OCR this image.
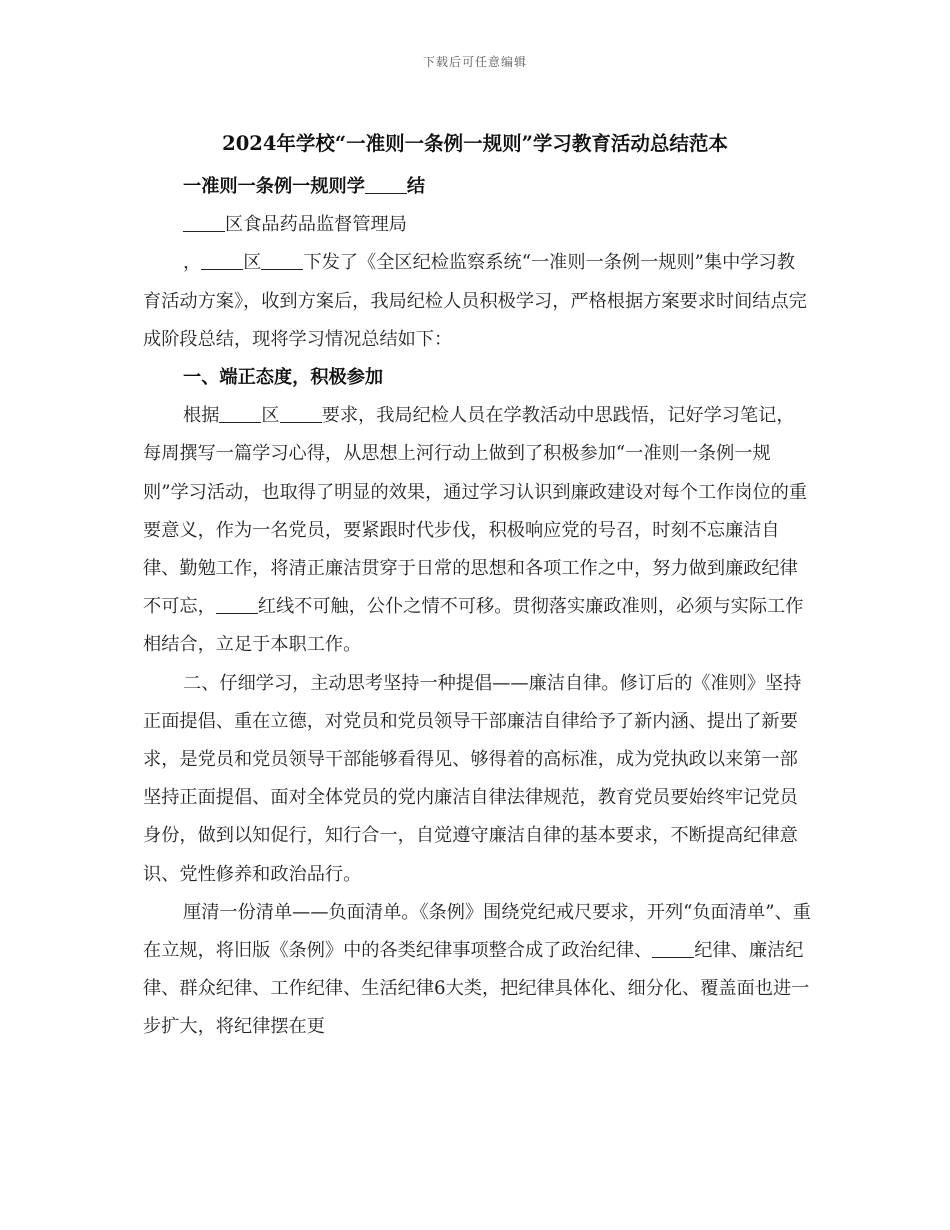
下载后可任意编辑
2024年学校“一准则一条例一规则”学习教育活动总结范本

一准则一条例一规则学 结

区食品药品监督管理局

， 区 下发了《全区纪检监察系统“一准则一条例一规则”集中学习教育活动方案》，收到方案后，我局纪检人员积极学习，严格根据方案要求时间结点完成阶段总结，现将学习情况总结如下：

一、端正态度，积极参加

根据 区 要求，我局纪检人员在学教活动中思践悟，记好学习笔记，每周撰写一篇学习心得，从思想上河行动上做到了积极参加“一准则一条例一规则”学习活动，也取得了明显的效果，通过学习认识到廉政建设对每个工作岗位的重要意义，作为一名党员，要紧跟时代步伐，积极响应党的号召，时刻不忘廉洁自律、勤勉工作，将清正廉洁贯穿于日常的思想和各项工作之中，努力做到廉政纪律不可忘， 红线不可触，公仆之情不可移。贯彻落实廉政准则，必须与实际工作相结合，立足于本职工作。

二、仔细学习，主动思考坚持一种提倡——廉洁自律。修订后的《准则》坚持正面提倡、重在立德，对党员和党员领导干部廉洁自律给予了新内涵、提出了新要求，是党员和党员领导干部能够看得见、够得着的高标准，成为党执政以来第一部坚持正面提倡、面对全体党员的党内廉洁自律法律规范，教育党员要始终牢记党员身份，做到以知促行，知行合一，自觉遵守廉洁自律的基本要求，不断提高纪律意识、党性修养和政治品行。

厘清一份清单——负面清单。《条例》围绕党纪戒尺要求，开列“负面清单”、重在立规，将旧版《条例》中的各类纪律事项整合成了政治纪律、 纪律、廉洁纪律、群众纪律、工作纪律、生活纪律6大类，把纪律具体化、细分化、覆盖面也进一步扩大，将纪律摆在更
